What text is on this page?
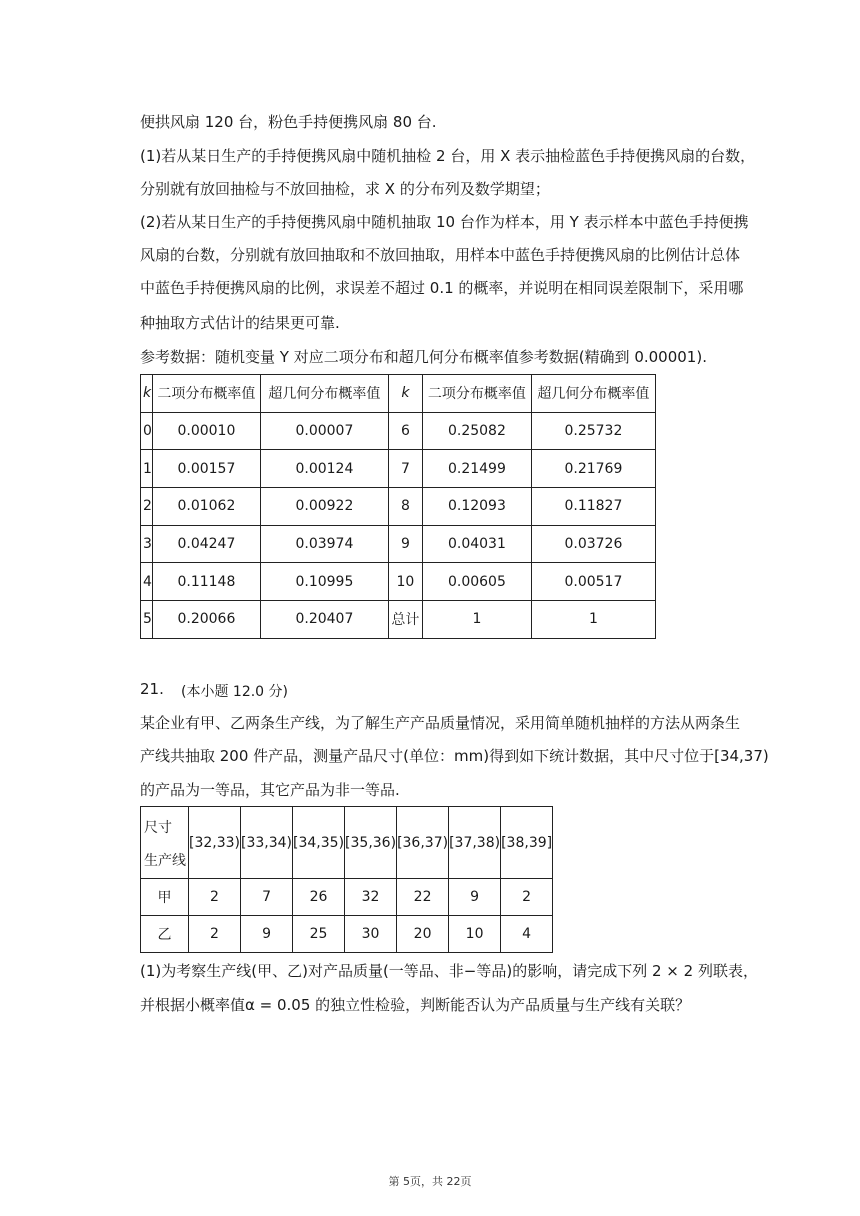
便拱风扇 120 台，粉色手持便携风扇 80 台.
(1)若从某日生产的手持便携风扇中随机抽检 2 台，用 X 表示抽检蓝色手持便携风扇的台数，
分别就有放回抽检与不放回抽检，求 X 的分布列及数学期望；
(2)若从某日生产的手持便携风扇中随机抽取 10 台作为样本，用 Y 表示样本中蓝色手持便携
风扇的台数，分别就有放回抽取和不放回抽取，用样本中蓝色手持便携风扇的比例估计总体
中蓝色手持便携风扇的比例，求误差不超过 0.1 的概率，并说明在相同误差限制下，采用哪
种抽取方式估计的结果更可靠.
参考数据：随机变量 Y 对应二项分布和超几何分布概率值参考数据(精确到 0.00001).
k	二项分布概率值	超几何分布概率值	k	二项分布概率值	超几何分布概率值
0	0.00010	0.00007	6	0.25082	0.25732
1	0.00157	0.00124	7	0.21499	0.21769
2	0.01062	0.00922	8	0.12093	0.11827
3	0.04247	0.03974	9	0.04031	0.03726
4	0.11148	0.10995	10	0.00605	0.00517
5	0.20066	0.20407	总计	1	1
21. (本小题 12.0 分)
某企业有甲、乙两条生产线，为了解生产产品质量情况，采用简单随机抽样的方法从两条生
产线共抽取 200 件产品，测量产品尺寸(单位：mm)得到如下统计数据，其中尺寸位于[34,37)
的产品为一等品，其它产品为非一等品.
尺寸
生产线	[32,33)	[33,34)	[34,35)	[35,36)	[36,37)	[37,38)	[38,39]
甲	2	7	26	32	22	9	2
乙	2	9	25	30	20	10	4
(1)为考察生产线(甲、乙)对产品质量(一等品、非−等品)的影响，请完成下列 2 × 2 列联表，
并根据小概率值α = 0.05 的独立性检验，判断能否认为产品质量与生产线有关联？
第 5页，共 22页
